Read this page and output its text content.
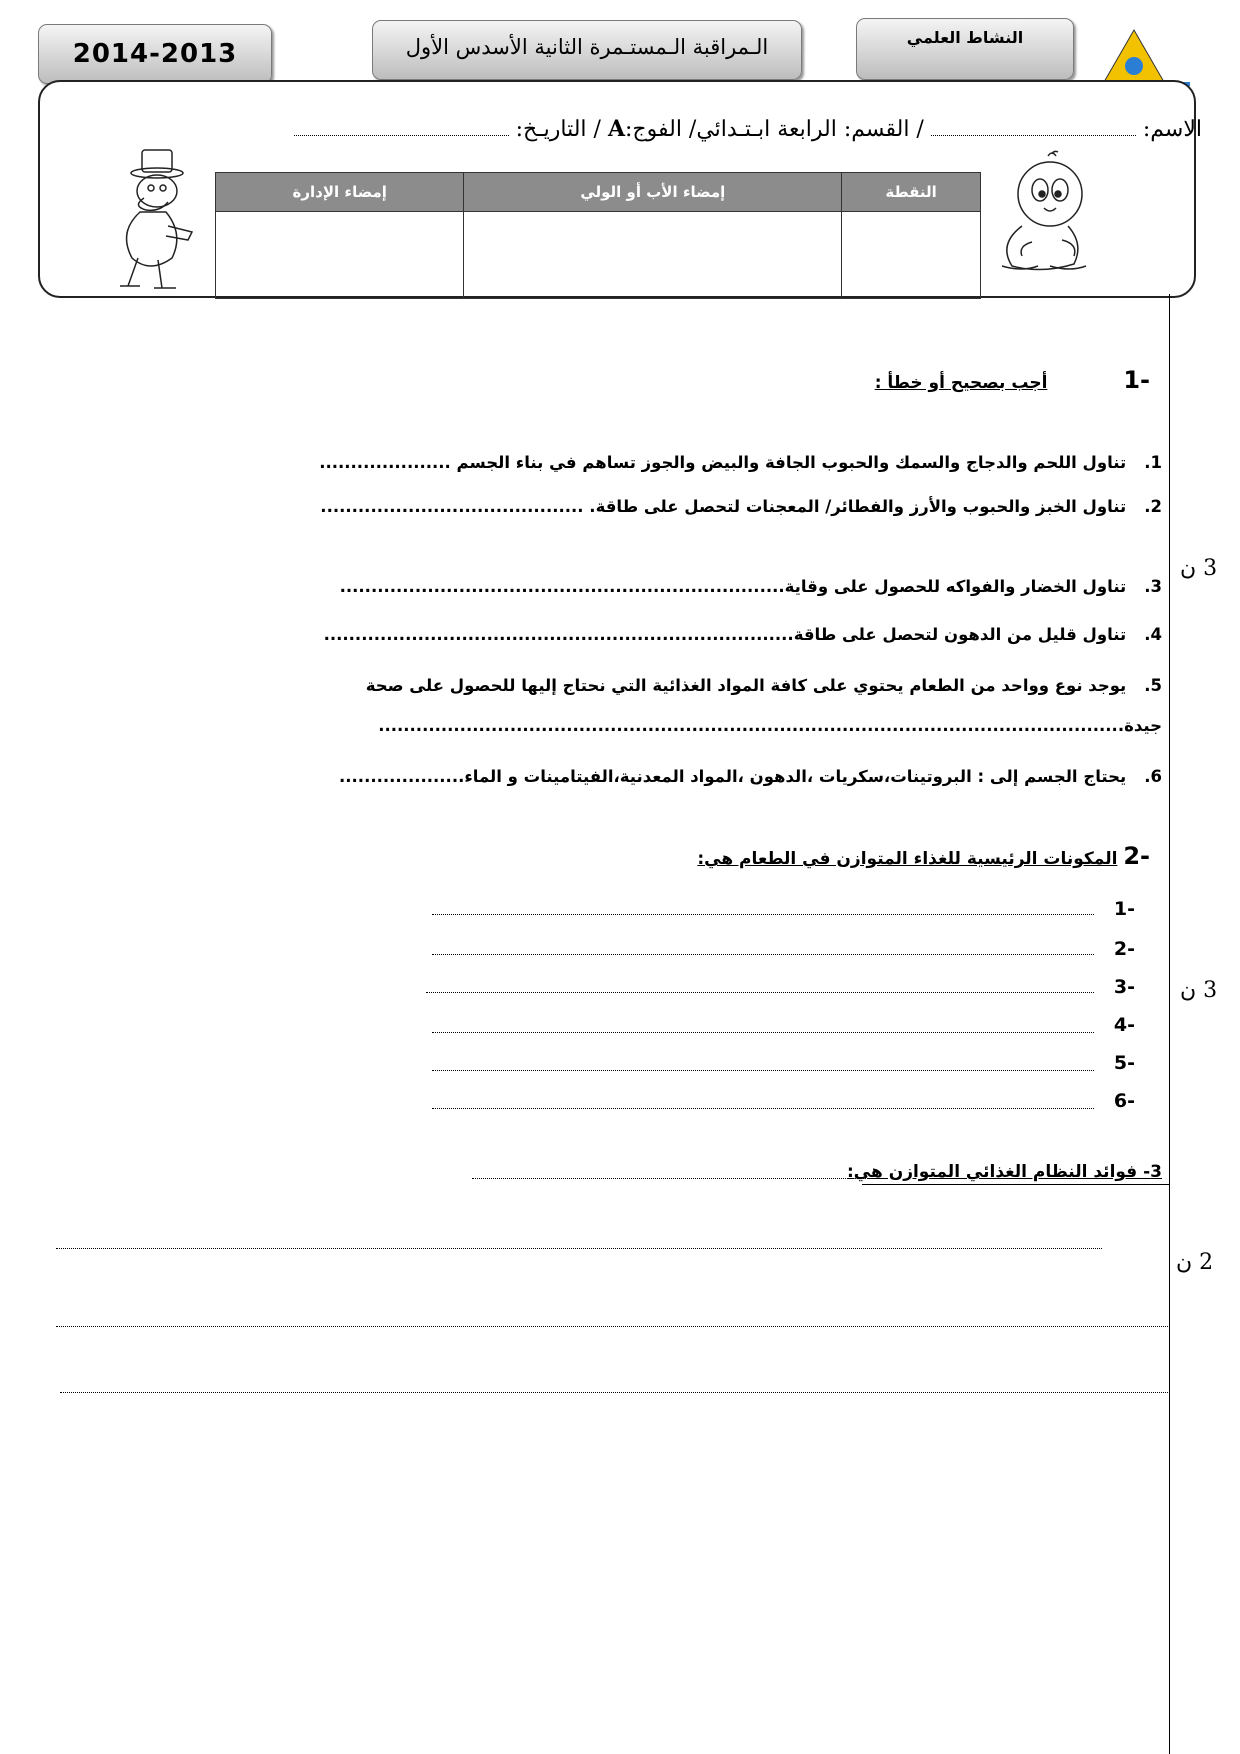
2014-2013	الـمراقبة الـمستـمرة الثانية الأسدس الأول	النشاط العلمي
الاسم:  / القسم: الرابعة ابـتـدائي/ الفوج:A / التاريـخ:
النقطة	إمضاء الأب أو الولي	إمضاء الإدارة

-1 أجب بصحيح أو خطأ :
1. تناول اللحم والدجاج والسمك والحبوب الجافة والبيض والجوز تساهم في بناء الجسم .....................
2. تناول الخبز والحبوب والأرز والفطائر/ المعجنات لتحصل على طاقة. ..........................................
3. تناول الخضار والفواكه للحصول على وقاية.......................................................................
4. تناول قليل من الدهون لتحصل على طاقة...........................................................................
5. يوجد نوع وواحد من الطعام يحتوي على كافة المواد الغذائية التي نحتاج إليها للحصول على صحة جيدة.......................................................................................................................
6. يحتاج الجسم إلى : البروتينات،سكريات ،الدهون ،المواد المعدنية،الفيتامينات و الماء....................
3 ن
-2 المكونات الرئيسية للغذاء المتوازن في الطعام هي:
-1
-2
-3
-4
-5
-6
3 ن
3- فوائد النظام الغذائي المتوازن هي:
2 ن
